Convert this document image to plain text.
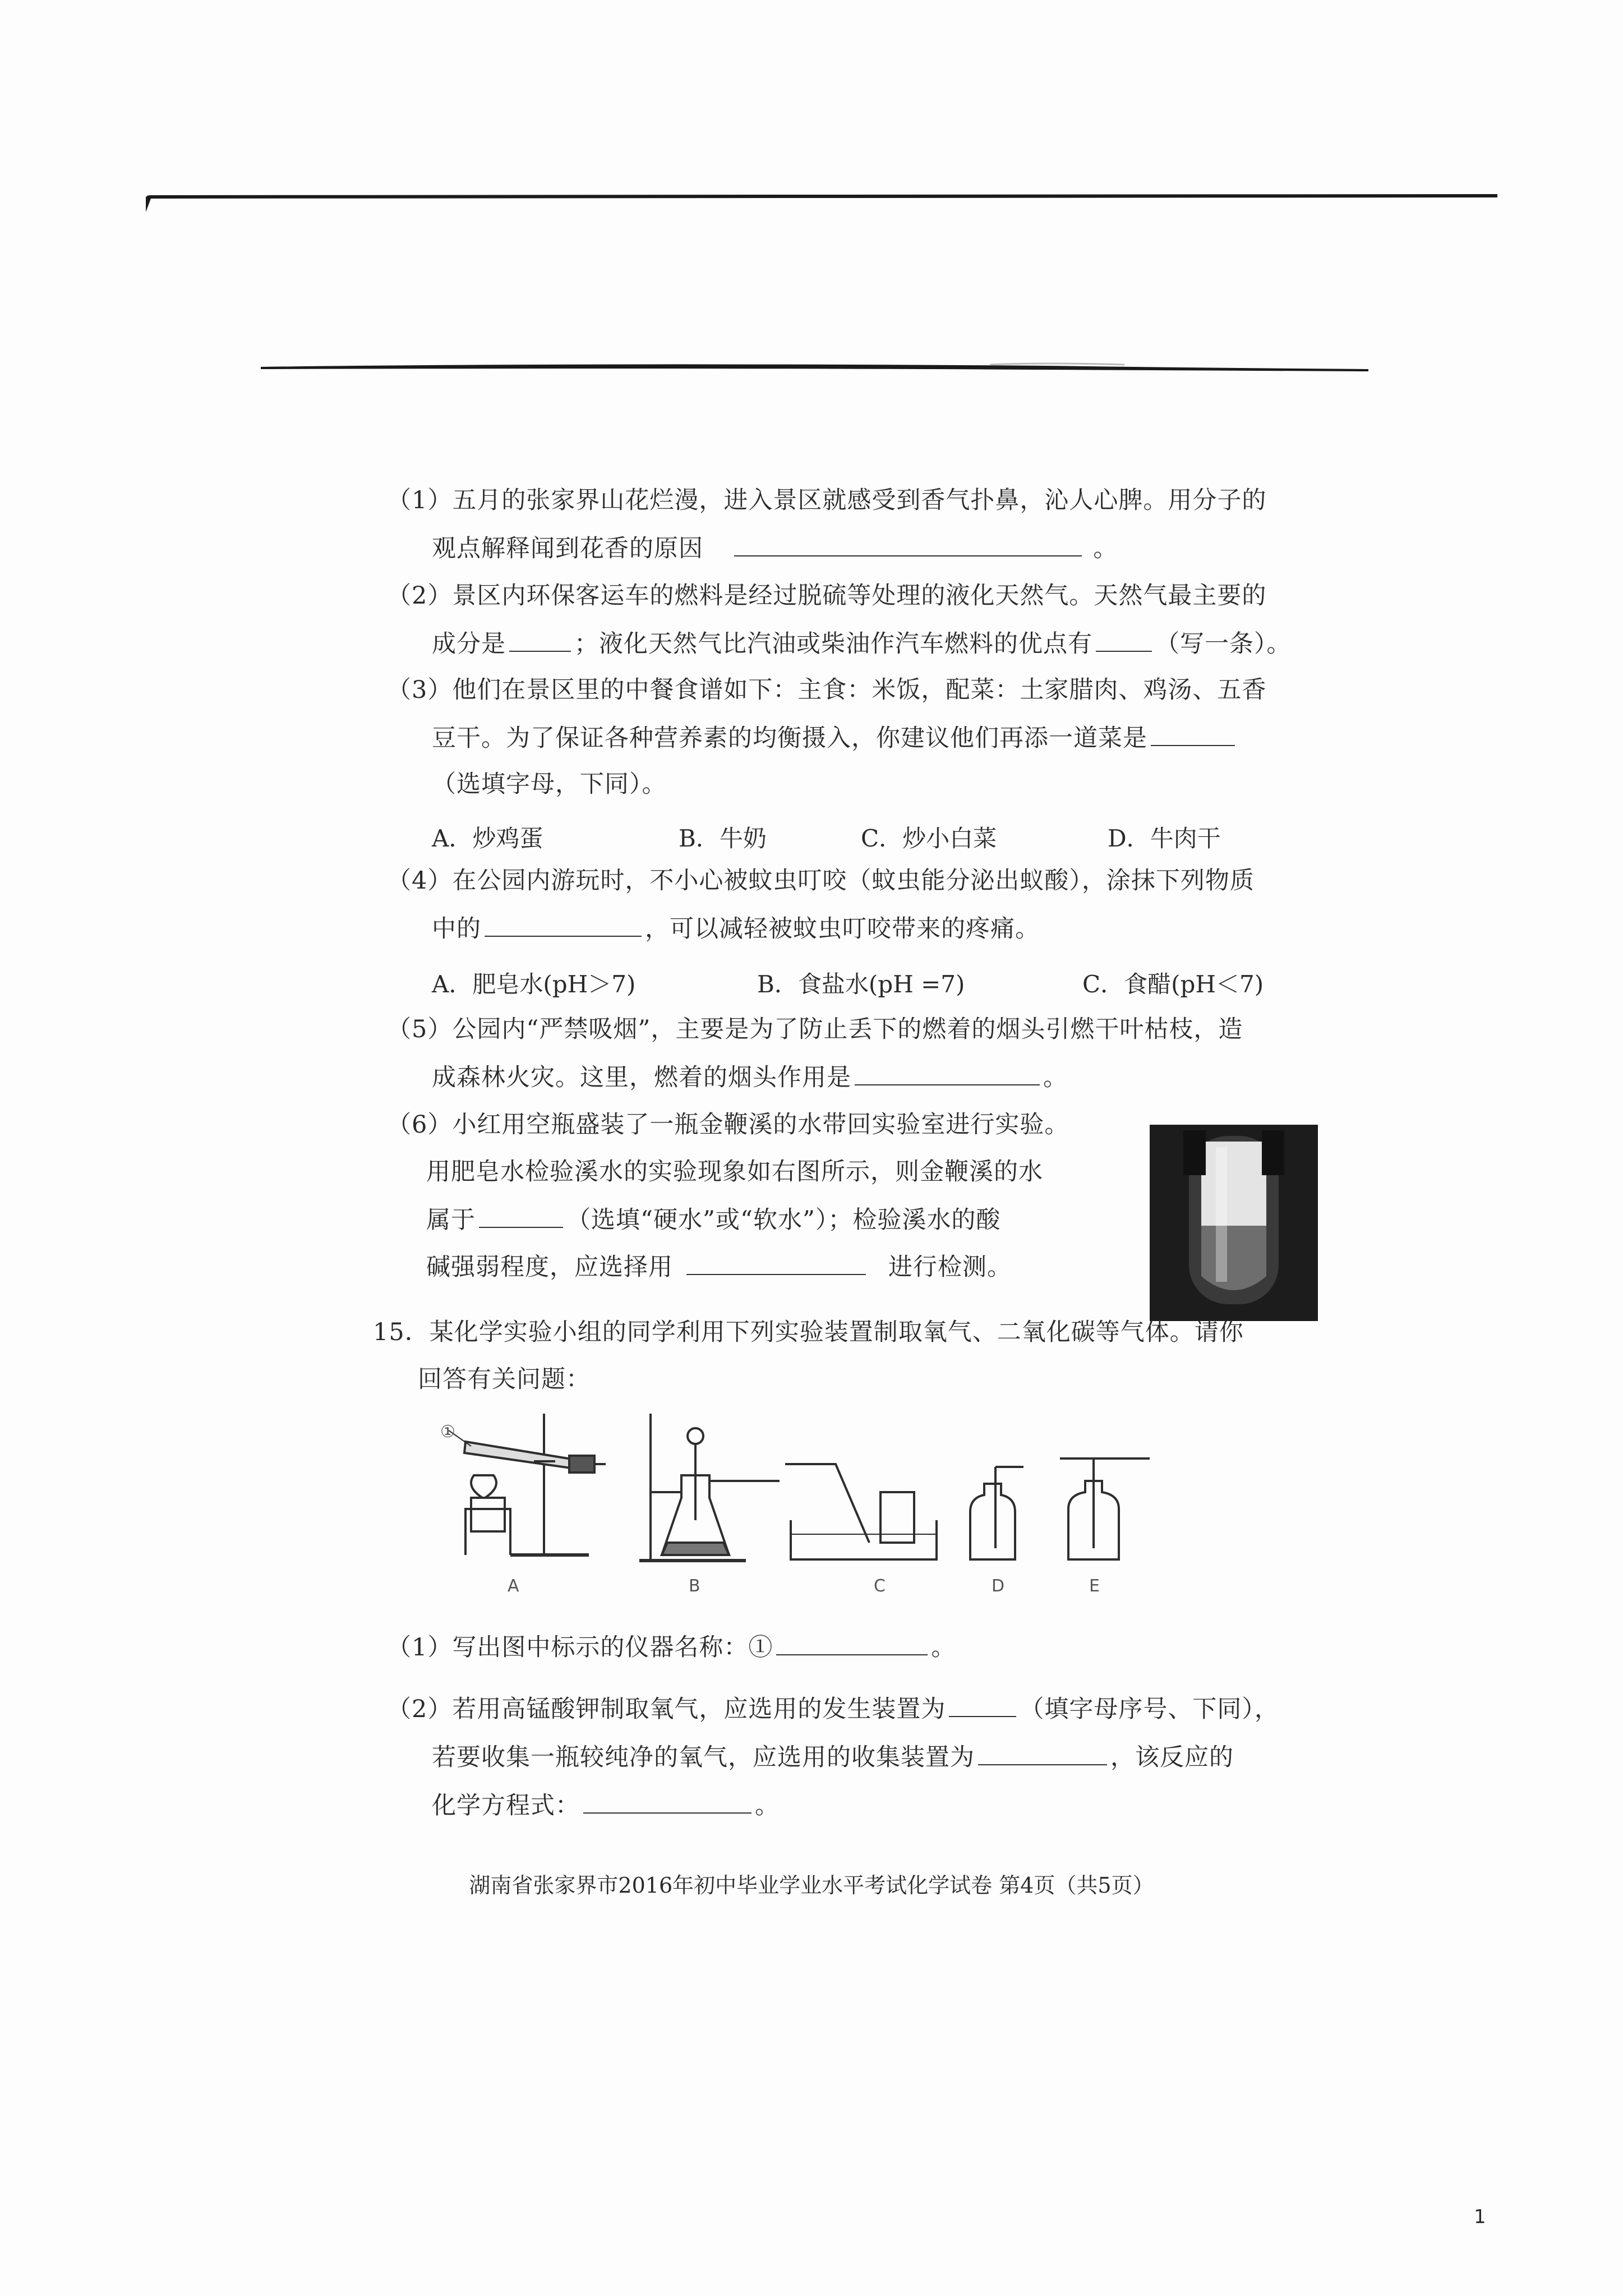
（1）五月的张家界山花烂漫，进入景区就感受到香气扑鼻，沁人心脾。用分子的
观点解释闻到花香的原因	。
（2）景区内环保客运车的燃料是经过脱硫等处理的液化天然气。天然气最主要的
成分是	；液化天然气比汽油或柴油作汽车燃料的优点有	（写一条）。
（3）他们在景区里的中餐食谱如下：主食：米饭，配菜：土家腊肉、鸡汤、五香
豆干。为了保证各种营养素的均衡摄入，你建议他们再添一道菜是
（选填字母，下同）。
A．炒鸡蛋	B．牛奶	C．炒小白菜	D．牛肉干
（4）在公园内游玩时，不小心被蚊虫叮咬（蚊虫能分泌出蚁酸），涂抹下列物质
中的	，可以减轻被蚊虫叮咬带来的疼痛。
A．肥皂水(pH＞7)	B．食盐水(pH =7)	C．食醋(pH＜7)
（5）公园内“严禁吸烟”，主要是为了防止丢下的燃着的烟头引燃干叶枯枝，造
成森林火灾。这里，燃着的烟头作用是	。
（6）小红用空瓶盛装了一瓶金鞭溪的水带回实验室进行实验。
用肥皂水检验溪水的实验现象如右图所示，则金鞭溪的水
属于	（选填“硬水”或“软水”）；检验溪水的酸
碱强弱程度，应选择用	进行检测。
15．某化学实验小组的同学利用下列实验装置制取氧气、二氧化碳等气体。请你
回答有关问题：
①
A	B	C	D	E
（1）写出图中标示的仪器名称：①	。
（2）若用高锰酸钾制取氧气，应选用的发生装置为	（填字母序号、下同），
若要收集一瓶较纯净的氧气，应选用的收集装置为	，该反应的
化学方程式：	。
湖南省张家界市2016年初中毕业学业水平考试化学试卷 第4页（共5页）
1
